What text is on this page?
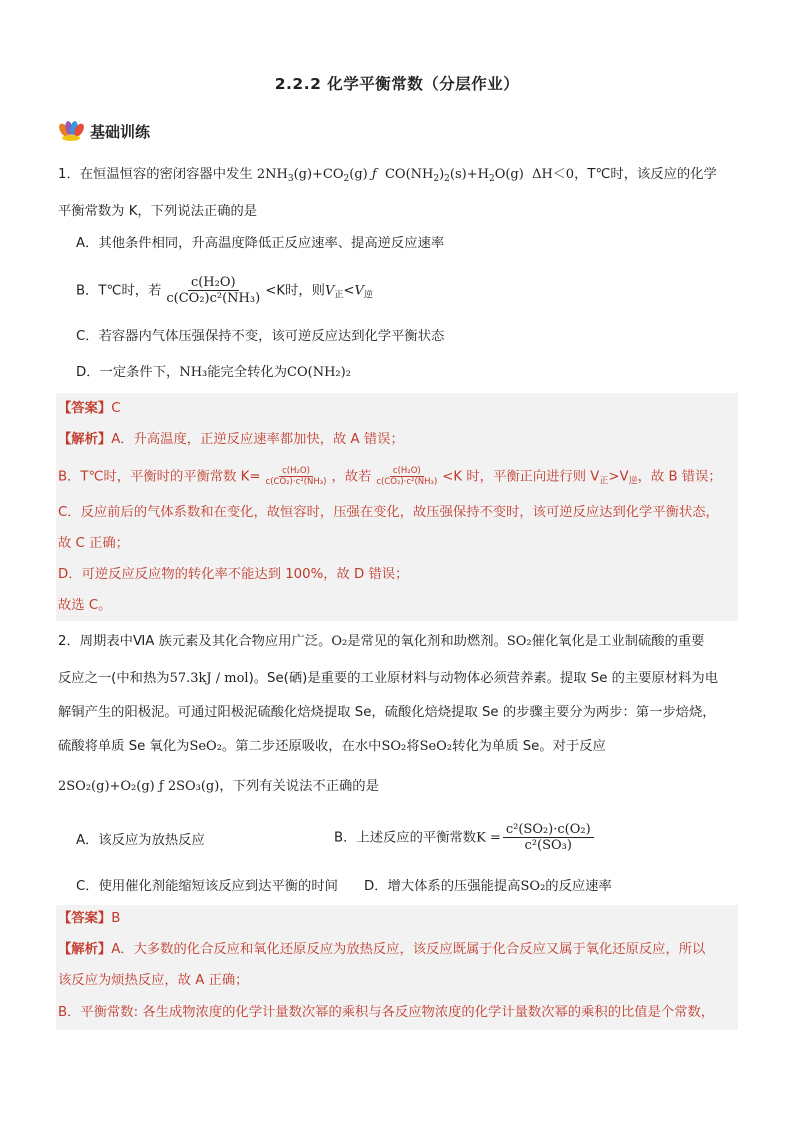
2.2.2 化学平衡常数（分层作业）
基础训练
1．在恒温恒容的密闭容器中发生 $2NH_3(g)+CO_2(g)$ ƒ $CO(NH_2)_2(s)+H_2O(g)$ ΔH＜0，T℃时，该反应的化学
平衡常数为 K，下列说法正确的是
A．其他条件相同，升高温度降低正反应速率、提高逆反应速率
B．T℃时，若 $\frac{\text{c(H₂O)}}{\text{c(CO₂)c²(NH₃)}} <K$时，则$V_正<V_逆$
C．若容器内气体压强保持不变，该可逆反应达到化学平衡状态
D．一定条件下，NH₃能完全转化为CO(NH₂)₂
【答案】C
【解析】A．升高温度，正逆反应速率都加快，故 A 错误；
B．T℃时，平衡时的平衡常数 $K= \frac{\text{c(H₂O)}}{\text{c(CO₂)·c²(NH₃)}}$ ，故若 $\frac{\text{c(H₂O)}}{\text{c(CO₂)·c²(NH₃)}} <K$ 时，平衡正向进行则 $V_正>V_逆$，故 B 错误；
C．反应前后的气体系数和在变化，故恒容时，压强在变化，故压强保持不变时，该可逆反应达到化学平衡状态，
故 C 正确；
D．可逆反应反应物的转化率不能达到 100%，故 D 错误；
故选 C。
2．周期表中ⅥA 族元素及其化合物应用广泛。O₂是常见的氧化剂和助燃剂。SO₂催化氧化是工业制硫酸的重要
反应之一(中和热为57.3kJ / mol)。Se(硒)是重要的工业原材料与动物体必须营养素。提取 Se 的主要原材料为电
解铜产生的阳极泥。可通过阳极泥硫酸化焙烧提取 Se，硫酸化焙烧提取 Se 的步骤主要分为两步：第一步焙烧，
硫酸将单质 Se 氧化为SeO₂。第二步还原吸收，在水中SO₂将SeO₂转化为单质 Se。对于反应
2SO₂(g)+O₂(g) ƒ 2SO₃(g)，下列有关说法不正确的是
A．该反应为放热反应	B．上述反应的平衡常数$K = \frac{\text{c²(SO₂)·c(O₂)}}{\text{c²(SO₃)}}$
C．使用催化剂能缩短该反应到达平衡的时间 D．增大体系的压强能提高SO₂的反应速率
【答案】B
【解析】A．大多数的化合反应和氧化还原反应为放热反应，该反应既属于化合反应又属于氧化还原反应，所以
该反应为烦热反应，故 A 正确；
B．平衡常数: 各生成物浓度的化学计量数次幂的乘积与各反应物浓度的化学计量数次幂的乘积的比值是个常数，
